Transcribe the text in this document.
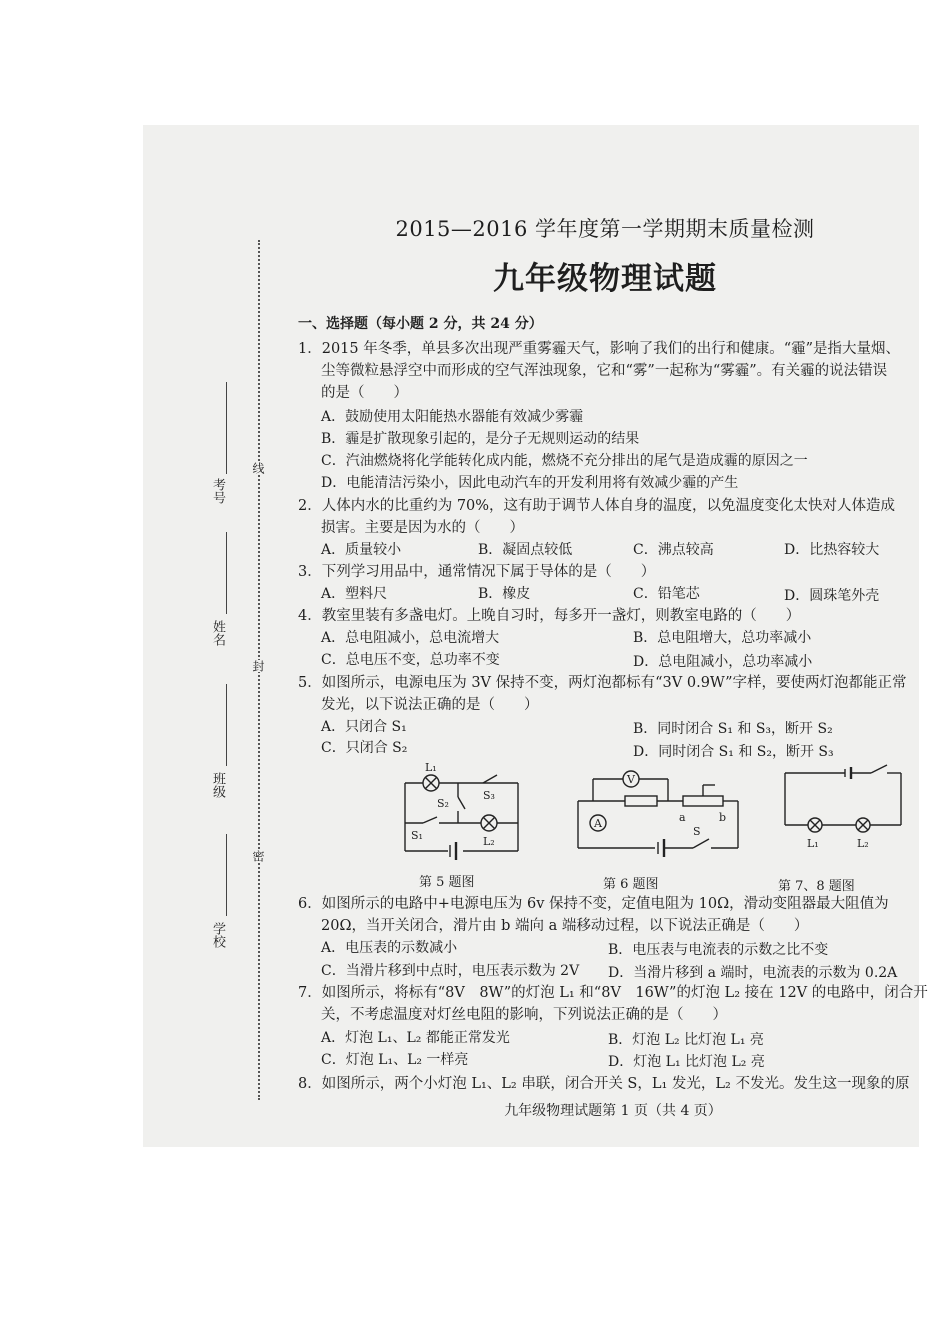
线
封
密
考号
姓名
班级
学校
2015—2016 学年度第一学期期末质量检测
九年级物理试题
一、选择题（每小题 2 分，共 24 分）
1．2015 年冬季，单县多次出现严重雾霾天气，影响了我们的出行和健康。“霾”是指大量烟、
尘等微粒悬浮空中而形成的空气浑浊现象，它和“雾”一起称为“雾霾”。有关霾的说法错误
的是（　　）
A．鼓励使用太阳能热水器能有效减少雾霾
B．霾是扩散现象引起的，是分子无规则运动的结果
C．汽油燃烧将化学能转化成内能，燃烧不充分排出的尾气是造成霾的原因之一
D．电能清洁污染小，因此电动汽车的开发利用将有效减少霾的产生
2．人体内水的比重约为 70%，这有助于调节人体自身的温度，以免温度变化太快对人体造成
损害。主要是因为水的（　　）
A．质量较小	B．凝固点较低	C．沸点较高	D．比热容较大
3．下列学习用品中，通常情况下属于导体的是（　　）
A．塑料尺	B．橡皮	C．铅笔芯	D．圆珠笔外壳
4．教室里装有多盏电灯。上晚自习时，每多开一盏灯，则教室电路的（　　）
A．总电阻减小，总电流增大	B．总电阻增大，总功率减小
C．总电压不变，总功率不变	D．总电阻减小，总功率减小
5．如图所示，电源电压为 3V 保持不变，两灯泡都标有“3V 0.9W”字样，要使两灯泡都能正常
发光，以下说法正确的是（　　）
A．只闭合 S₁	B．同时闭合 S₁ 和 S₃，断开 S₂
C．只闭合 S₂	D．同时闭合 S₁ 和 S₂，断开 S₃
L₁
S₂
S₃
S₁	L₂
V
A	a	b
S
L₁	L₂
第 5 题图	第 6 题图	第 7、8 题图
6．如图所示的电路中+电源电压为 6v 保持不变，定值电阻为 10Ω，滑动变阻器最大阻值为
20Ω，当开关闭合，滑片由 b 端向 a 端移动过程，以下说法正确是（　　）
A．电压表的示数减小	B．电压表与电流表的示数之比不变
C．当滑片移到中点时，电压表示数为 2V D．当滑片移到 a 端时，电流表的示数为 0.2A
7．如图所示，将标有“8V　8W”的灯泡 L₁ 和“8V　16W”的灯泡 L₂ 接在 12V 的电路中，闭合开
关，不考虑温度对灯丝电阻的影响，下列说法正确的是（　　）
A．灯泡 L₁、L₂ 都能正常发光	B．灯泡 L₂ 比灯泡 L₁ 亮
C．灯泡 L₁、L₂ 一样亮	D．灯泡 L₁ 比灯泡 L₂ 亮
8．如图所示，两个小灯泡 L₁、L₂ 串联，闭合开关 S，L₁ 发光，L₂ 不发光。发生这一现象的原
九年级物理试题第 1 页（共 4 页）
